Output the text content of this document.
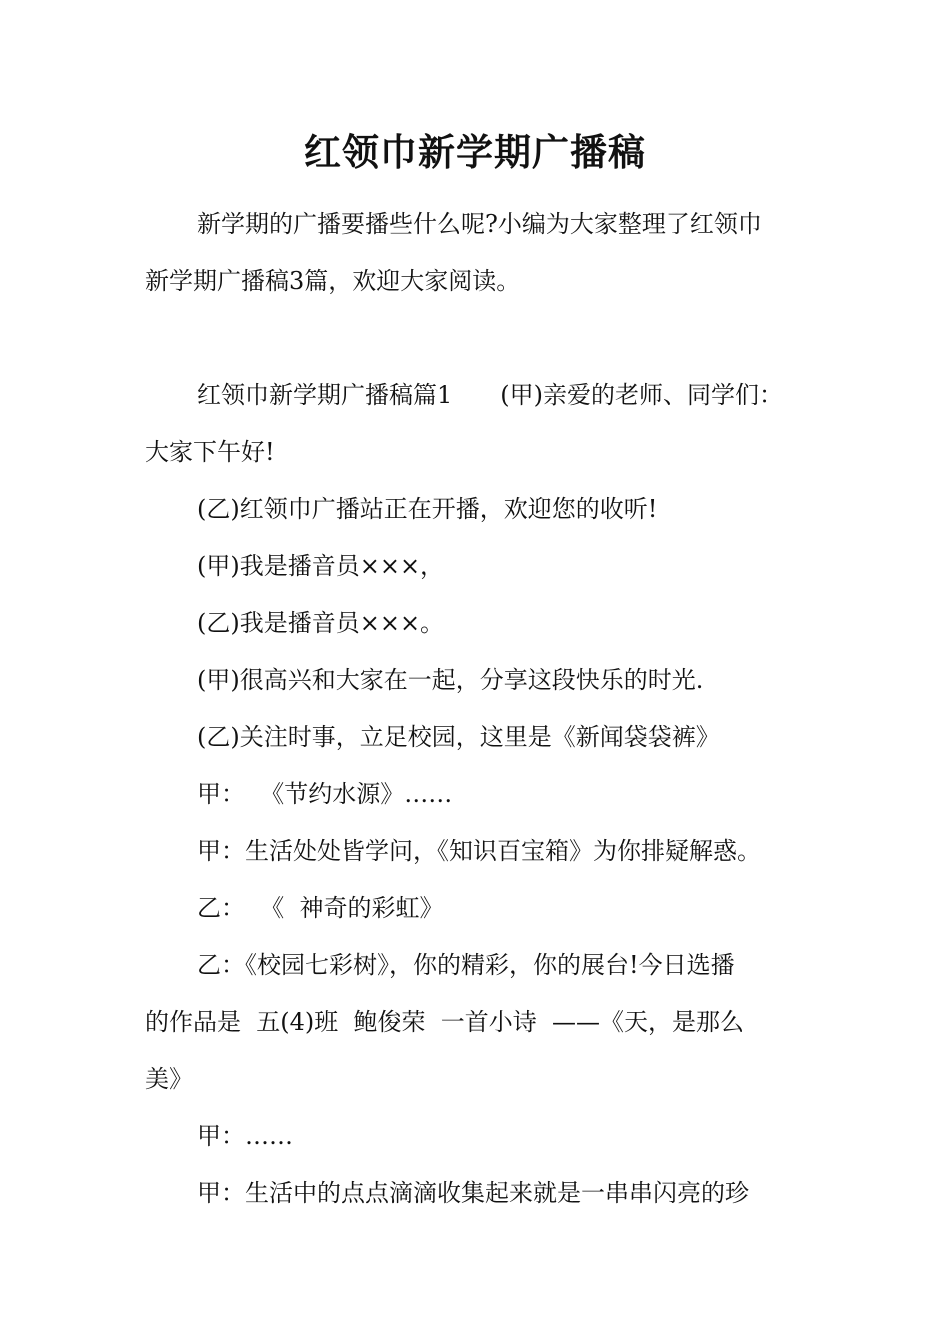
红领巾新学期广播稿
新学期的广播要播些什么呢?小编为大家整理了红领巾
新学期广播稿3篇，欢迎大家阅读。
红领巾新学期广播稿篇1　　(甲)亲爱的老师、同学们：
大家下午好!
(乙)红领巾广播站正在开播，欢迎您的收听!
(甲)我是播音员×××，
(乙)我是播音员×××。
(甲)很高兴和大家在一起，分享这段快乐的时光.
(乙)关注时事，立足校园，这里是《新闻袋袋裤》
甲：  《节约水源》……
甲：生活处处皆学问，《知识百宝箱》为你排疑解惑。
乙：  《  神奇的彩虹》
乙：《校园七彩树》，你的精彩，你的展台!今日选播
的作品是  五(4)班  鲍俊荣  一首小诗  ——《天，是那么
美》
甲：……
甲：生活中的点点滴滴收集起来就是一串串闪亮的珍
